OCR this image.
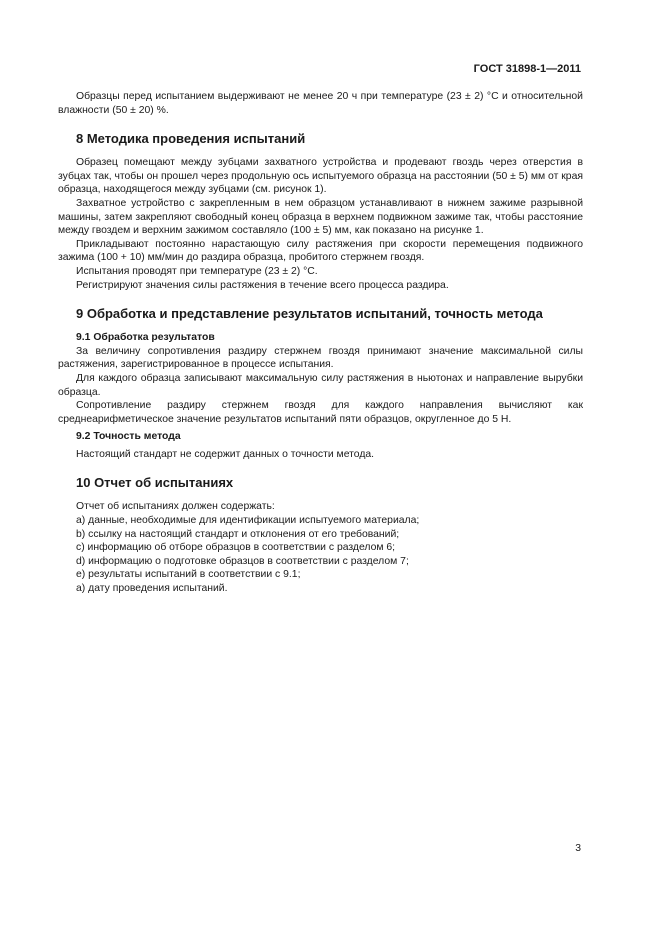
ГОСТ 31898-1—2011

Образцы перед испытанием выдерживают не менее 20 ч при температуре (23 ± 2) °С и относительной влажности (50 ± 20) %.

8 Методика проведения испытаний

Образец помещают между зубцами захватного устройства и продевают гвоздь через отверстия в зубцах так, чтобы он прошел через продольную ось испытуемого образца на расстоянии (50 ± 5) мм от края образца, находящегося между зубцами (см. рисунок 1).

Захватное устройство с закрепленным в нем образцом устанавливают в нижнем зажиме разрывной машины, затем закрепляют свободный конец образца в верхнем подвижном зажиме так, чтобы расстояние между гвоздем и верхним зажимом составляло (100 ± 5) мм, как показано на рисунке 1.

Прикладывают постоянно нарастающую силу растяжения при скорости перемещения подвижного зажима (100 + 10) мм/мин до раздира образца, пробитого стержнем гвоздя.

Испытания проводят при температуре (23 ± 2) °С.

Регистрируют значения силы растяжения в течение всего процесса раздира.

9 Обработка и представление результатов испытаний, точность метода
9.1 Обработка результатов

За величину сопротивления раздиру стержнем гвоздя принимают значение максимальной силы растяжения, зарегистрированное в процессе испытания.

Для каждого образца записывают максимальную силу растяжения в ньютонах и направление вырубки образца.

Сопротивление раздиру стержнем гвоздя для каждого направления вычисляют как среднеарифметическое значение результатов испытаний пяти образцов, округленное до 5 Н.

9.2 Точность метода

Настоящий стандарт не содержит данных о точности метода.

10 Отчет об испытаниях

Отчет об испытаниях должен содержать:

а) данные, необходимые для идентификации испытуемого материала;
b) ссылку на настоящий стандарт и отклонения от его требований;
с) информацию об отборе образцов в соответствии с разделом 6;
d) информацию о подготовке образцов в соответствии с разделом 7;
е) результаты испытаний в соответствии с 9.1;
а) дату проведения испытаний.
3
